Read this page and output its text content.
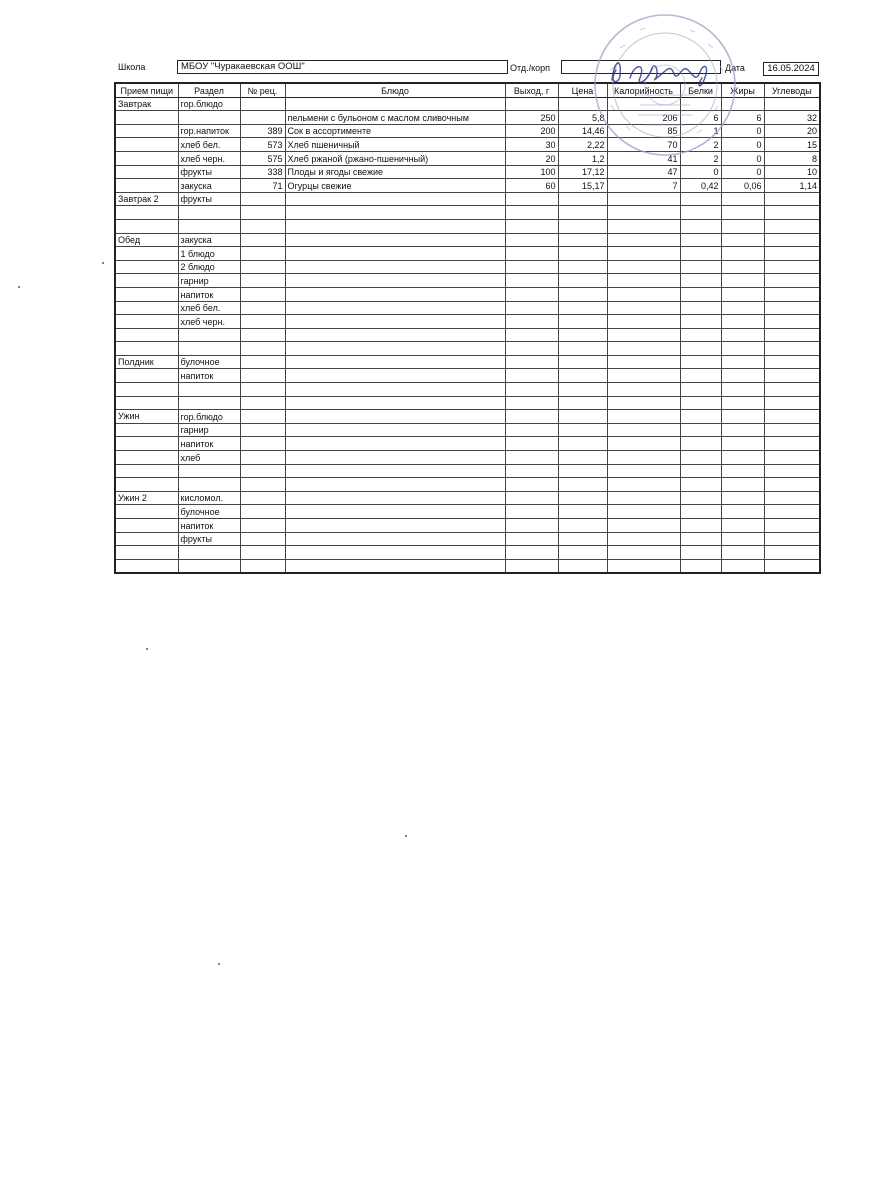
Школа	МБОУ "Чуракаевская ООШ"	Отд./корп	Дата	16.05.2024
Прием пищи	Раздел	№ рец.	Блюдо	Выход, г	Цена	Калорийность	Белки	Жиры	Углеводы
Завтрак	гор.блюдо								
			пельмени с бульоном с маслом сливочным	250	5,8	206	6	6	32
	гор.напиток	389	Сок в ассортименте	200	14,46	85	1	0	20
	хлеб бел.	573	Хлеб пшеничный	30	2,22	70	2	0	15
	хлеб черн.	575	Хлеб ржаной (ржано-пшеничный)	20	1,2	41	2	0	8
	фрукты	338	Плоды и ягоды свежие	100	17,12	47	0	0	10
	закуска	71	Огурцы свежие	60	15,17	7	0,42	0,06	1,14
Завтрак 2	фрукты								

Обед	закуска								
	1 блюдо								
	2 блюдо								
	гарнир								
	напиток								
	хлеб бел.								
	хлеб черн.								

Полдник	булочное								
	напиток								

Ужин	гор.блюдо								
	гарнир								
	напиток								
	хлеб								

Ужин 2	кисломол.								
	булочное								
	напиток								
	фрукты								
